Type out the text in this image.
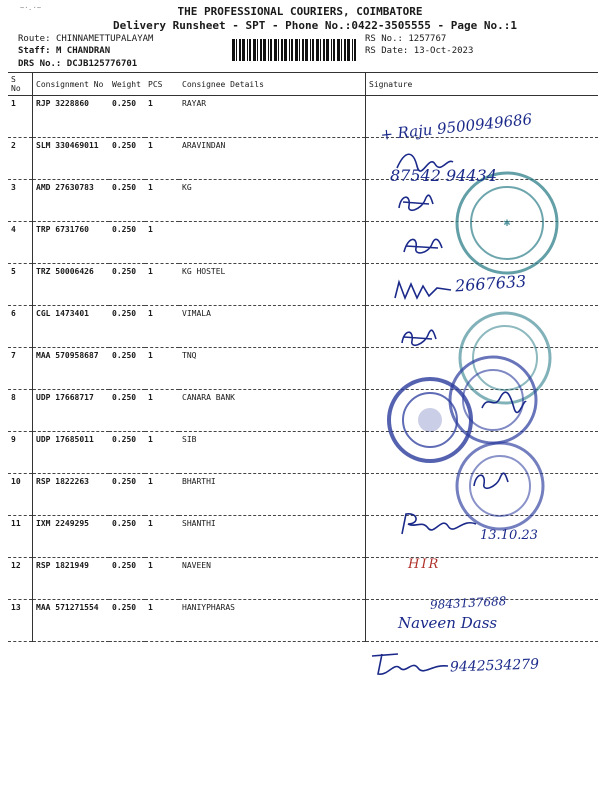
~·.·~	THE PROFESSIONAL COURIERS, COIMBATORE
Delivery Runsheet - SPT - Phone No.:0422-3505555 - Page No.:1
Route: CHINNAMETTUPALAYAM
Staff: M CHANDRAN
DRS No.: DCJB125776701
RS No.: 1257767
RS Date: 13-Oct-2023
S No	Consignment No	Weight	PCS	Consignee Details	Signature
1	RJP 3228860	0.250	1	RAYAR	
2	SLM 330469011	0.250	1	ARAVINDAN	
3	AMD 27630783	0.250	1	KG	
4	TRP 6731760	0.250	1		
5	TRZ 50006426	0.250	1	KG HOSTEL	
6	CGL 1473401	0.250	1	VIMALA	
7	MAA 570958687	0.250	1	TNQ	
8	UDP 17668717	0.250	1	CANARA BANK	
9	UDP 17685011	0.250	1	SIB	
10	RSP 1822263	0.250	1	BHARTHI	
11	IXM 2249295	0.250	1	SHANTHI	
12	RSP 1821949	0.250	1	NAVEEN	
13	MAA 571271554	0.250	1	HANIYPHARAS	
✱
+ Raju 9500949686
87542 94434
2667633
13.10.23
HIR
9843137688
Naveen Dass
9442534279
